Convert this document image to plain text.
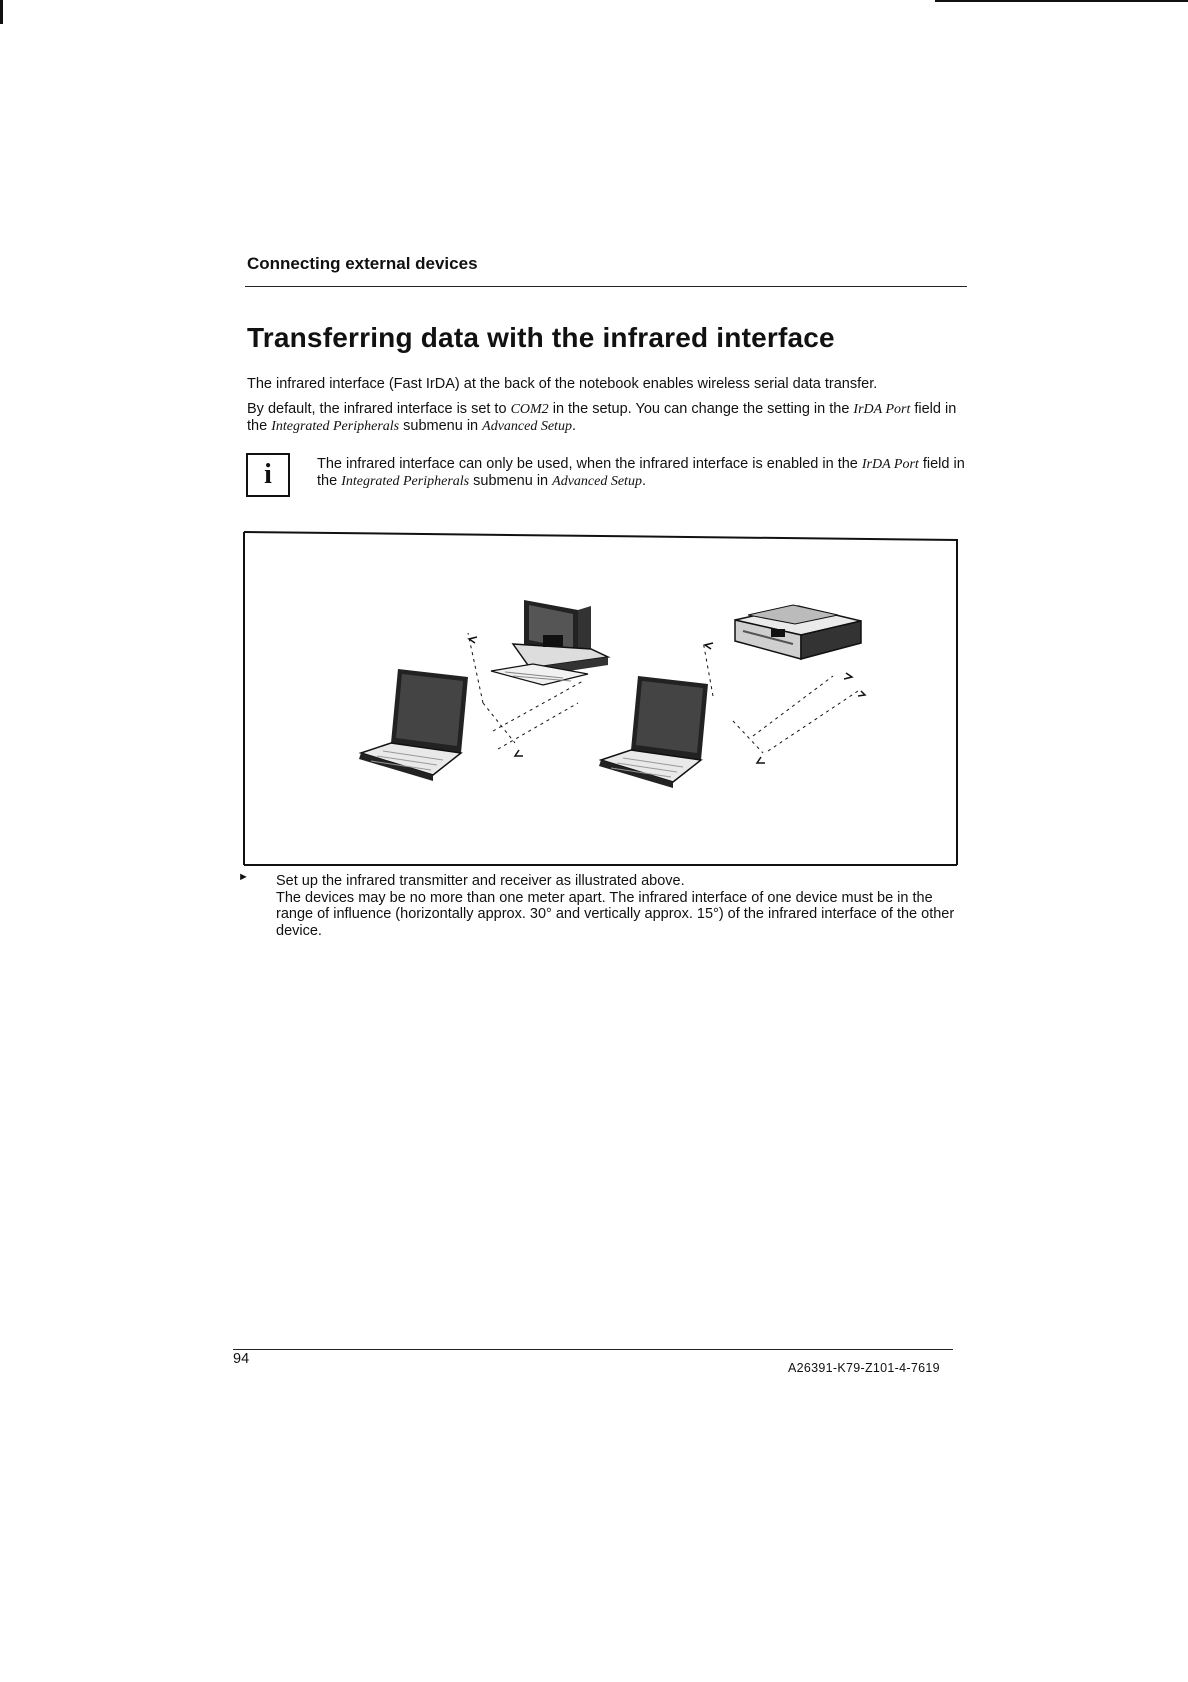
Connecting external devices
Transferring data with the infrared interface
The infrared interface (Fast IrDA) at the back of the notebook enables wireless serial data transfer.
By default, the infrared interface is set to COM2 in the setup. You can change the setting in the IrDA Port field in the Integrated Peripherals submenu in Advanced Setup.
i	The infrared interface can only be used, when the infrared interface is enabled in the IrDA Port field in the Integrated Peripherals submenu in Advanced Setup.
► Set up the infrared transmitter and receiver as illustrated above.
The devices may be no more than one meter apart. The infrared interface of one device must be in the range of influence (horizontally approx. 30° and vertically approx. 15°) of the infrared interface of the other device.
94
A26391-K79-Z101-4-7619
